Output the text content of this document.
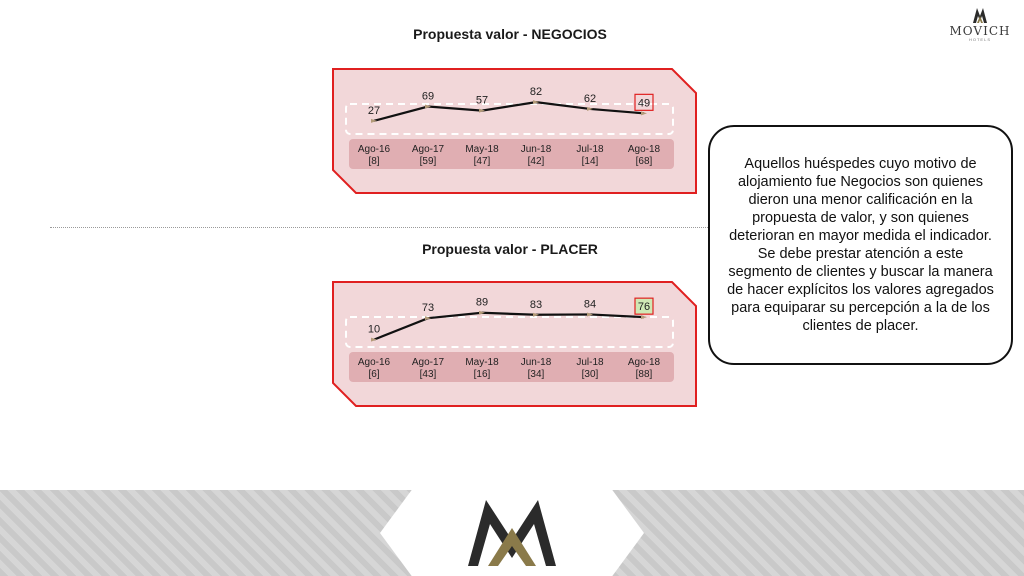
MOVICH
HOTELS
Propuesta valor - NEGOCIOS
Propuesta valor - PLACER
27
Ago-16
[8]
69
Ago-17
[59]
57
May-18
[47]
82
Jun-18
[42]
62
Jul-18
[14]
49
Ago-18
[68]
10
Ago-16
[6]
73
Ago-17
[43]
89
May-18
[16]
83
Jun-18
[34]
84
Jul-18
[30]
76
Ago-18
[88]
Aquellos huéspedes cuyo motivo de alojamiento fue Negocios son quienes dieron una menor calificación en la propuesta de valor, y son quienes deterioran en mayor medida el indicador. Se debe prestar atención a este segmento de clientes y buscar la manera de hacer explícitos los valores agregados para equiparar su percepción a la de los clientes de placer.
